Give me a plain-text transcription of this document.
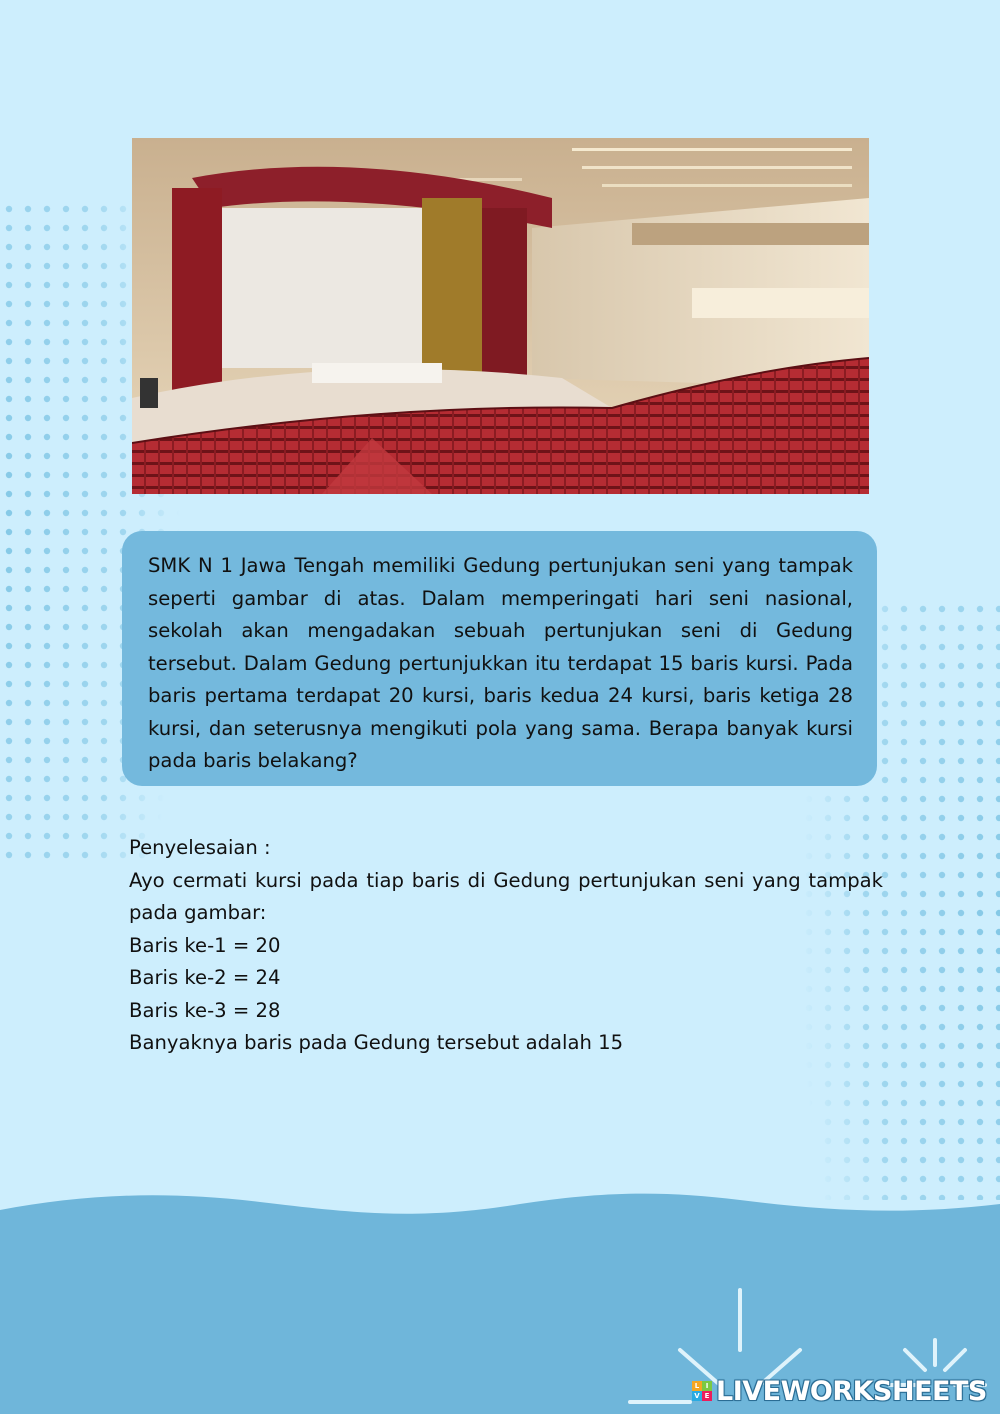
SMK N 1 Jawa Tengah memiliki Gedung pertunjukan seni yang tampak seperti gambar di atas. Dalam memperingati hari seni nasional, sekolah akan mengadakan sebuah pertunjukan seni di Gedung tersebut. Dalam Gedung pertunjukkan itu terdapat 15 baris kursi. Pada baris pertama terdapat 20 kursi, baris kedua 24 kursi, baris ketiga 28 kursi, dan seterusnya mengikuti pola yang sama. Berapa banyak kursi pada baris belakang?

Penyelesaian :

Ayo cermati kursi pada tiap baris di Gedung pertunjukan seni yang tampak pada gambar:

Baris ke-1 = 20

Baris ke-2 = 24

Baris ke-3 = 28

Banyaknya baris pada Gedung tersebut adalah 15

L I
V E LIVEWORKSHEETS
